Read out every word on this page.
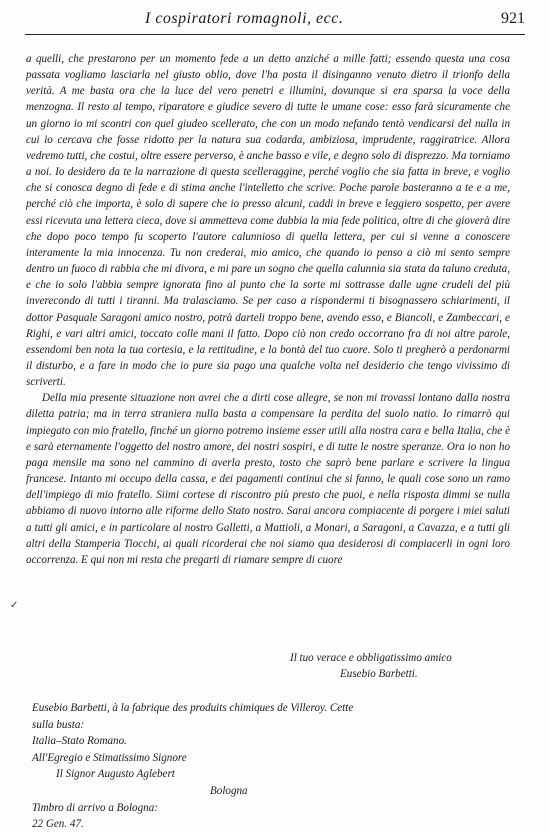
I cospiratori romagnoli, ecc.	921

a quelli, che prestarono per un momento fede a un detto anziché a mille fatti; essendo questa una cosa passata vogliamo lasciarla nel giusto oblio, dove l'ha posta il disinganno venuto dietro il trionfo della verità. A me basta ora che la luce del vero penetri e illumini, dovunque si era sparsa la voce della menzogna. Il resto al tempo, riparatore e giudice severo di tutte le umane cose: esso farà sicuramente che un giorno io mi scontri con quel giudeo scellerato, che con un modo nefando tentò vendicarsi del nulla in cui io cercava che fosse ridotto per la natura sua codarda, ambiziosa, imprudente, raggiratrice. Allora vedremo tutti, che costui, oltre essere perverso, è anche basso e vile, e degno solo di disprezzo. Ma torniamo a noi. Io desidero da te la narrazione di questa scelleraggine, perché voglio che sia fatta in breve, e voglio che si conosca degno di fede e di stima anche l'intelletto che scrive. Poche parole basteranno a te e a me, perché ciò che importa, è solo di sapere che io presso alcuni, caddi in breve e leggiero sospetto, per avere essi ricevuta una lettera cieca, dove si ammetteva come dubbia la mia fede politica, oltre di che gioverà dire che dopo poco tempo fu scoperto l'autore calunnioso di quella lettera, per cui si venne a conoscere interamente la mia innocenza. Tu non crederai, mio amico, che quando io penso a ciò mi sento sempre dentro un fuoco di rabbia che mi divora, e mi pare un sogno che quella calunnia sia stata da taluno creduta, e che io solo l'abbia sempre ignorata fino al punto che la sorte mi sottrasse dalle ugne crudeli del più inverecondo di tutti i tiranni. Ma tralasciamo. Se per caso a rispondermi ti bisognassero schiarimenti, il dottor Pasquale Saragoni amico nostro, potrà darteli troppo bene, avendo esso, e Biancoli, e Zambeccari, e Righi, e vari altri amici, toccato colle mani il fatto. Dopo ciò non credo occorrano fra di noi altre parole, essendomi ben nota la tua cortesia, e la rettitudine, e la bontà del tuo cuore. Solo ti pregherò a perdonarmi il disturbo, e a fare in modo che io pure sia pago una qualche volta nel desiderio che tengo vivissimo di scriverti.

Della mia presente situazione non avrei che a dirti cose allegre, se non mi trovassi lontano dalla nostra diletta patria; ma in terra straniera nulla basta a compensare la perdita del suolo natio. Io rimarrò qui impiegato con mio fratello, finché un giorno potremo insieme esser utili alla nostra cara e bella Italia, che è e sarà eternamente l'oggetto del nostro amore, dei nostri sospiri, e di tutte le nostre speranze. Ora io non ho paga mensile ma sono nel cammino di averla presto, tosto che saprò bene parlare e scrivere la lingua francese. Intanto mi occupo della cassa, e dei pagamenti continui che si fanno, le quali cose sono un ramo dell'impiego di mio fratello. Siimi cortese di riscontro più presto che puoi, e nella risposta dimmi se nulla abbiamo di nuovo intorno alle riforme dello Stato nostro. Sarai ancora compiacente di porgere i miei saluti a tutti gli amici, e in particolare al nostro Galletti, a Mattioli, a Monari, a Saragoni, a Cavazza, e a tutti gli altri della Stamperia Tiocchi, ai quali ricorderai che noi siamo qua desiderosi di compiacerli in ogni loro occorrenza. E qui non mi resta che pregarti di riamare sempre di cuore

✓
Il tuo verace e obbligatissimo amico
Eusebio Barbetti.
Eusebio Barbetti, à la fabrique des produits chimiques de Villeroy. Cette
sulla busta:
Italia–Stato Romano.
All'Egregio e Stimatissimo Signore
Il Signor Augusto Aglebert
Bologna
Timbro di arrivo a Bologna:
22 Gen. 47.
